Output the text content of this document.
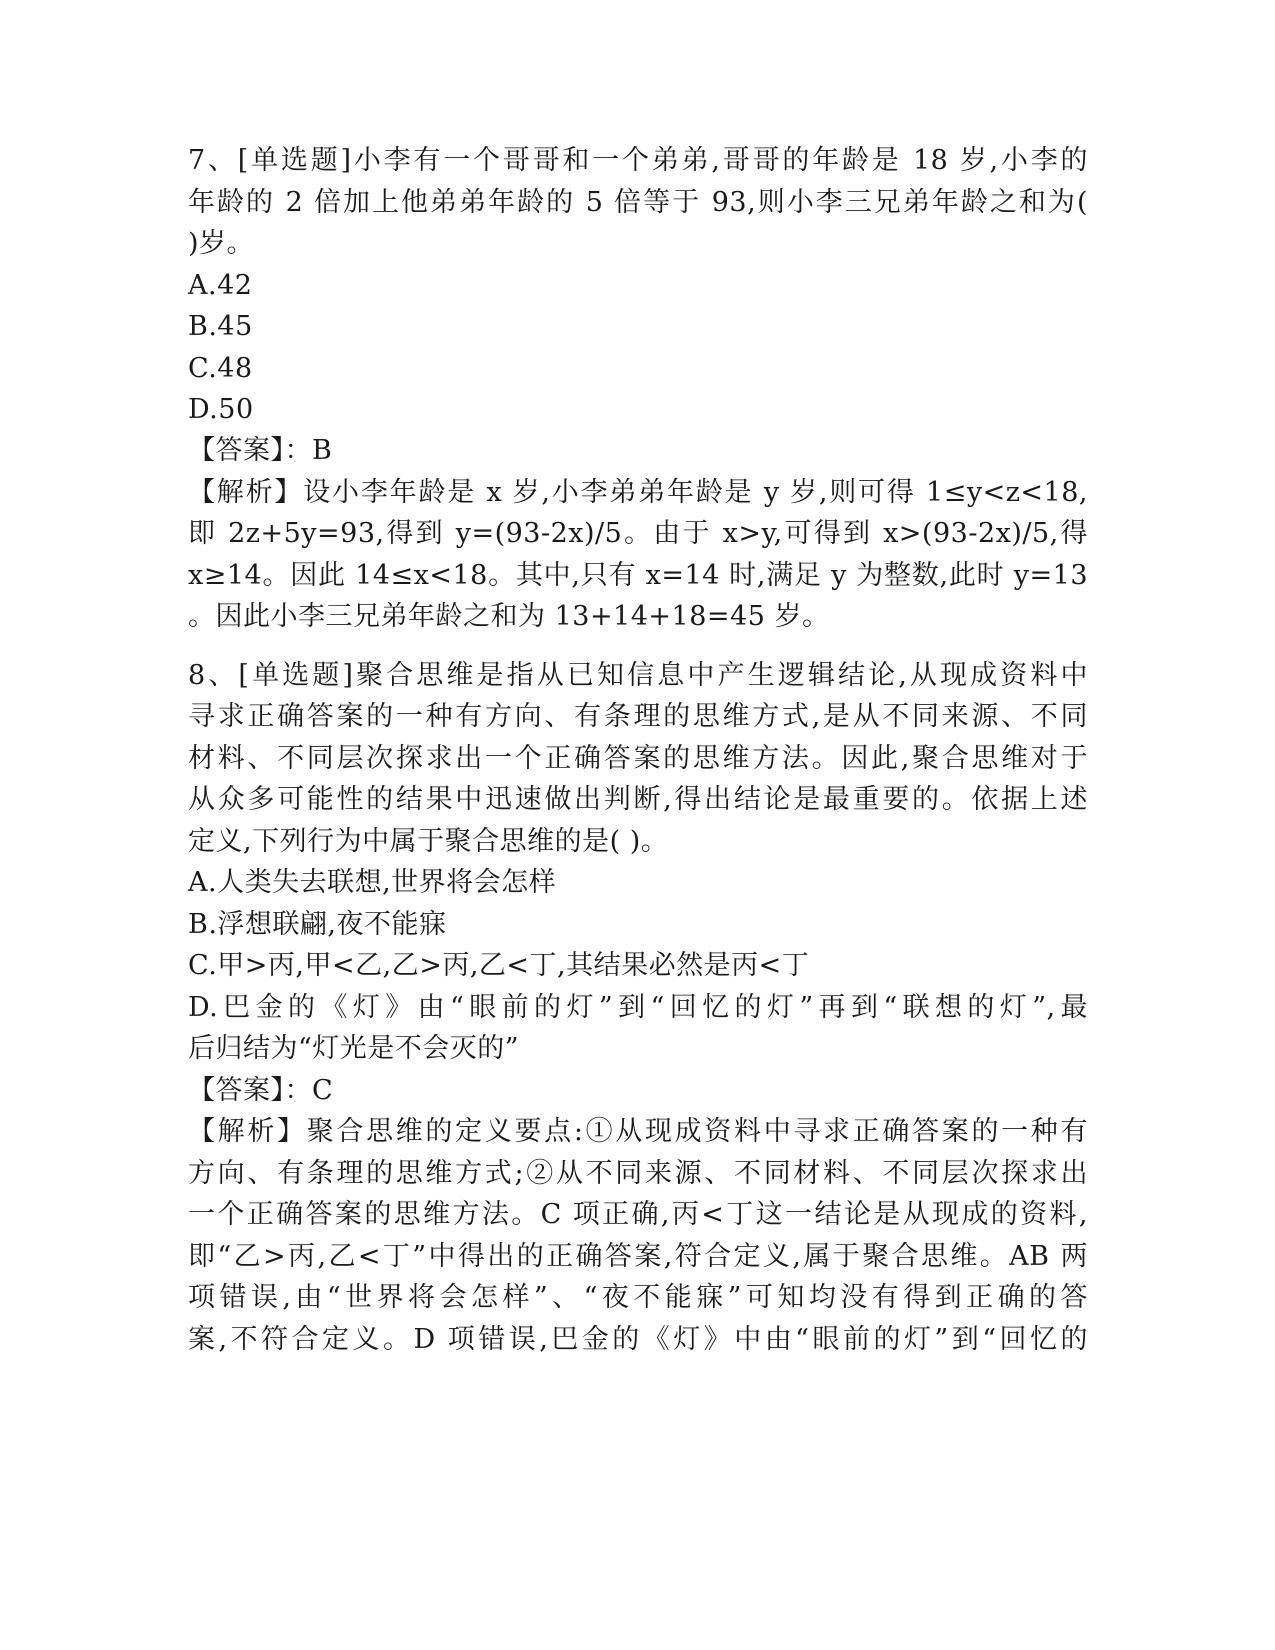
7、[单选题]小李有一个哥哥和一个弟弟,哥哥的年龄是 18 岁,小李的
年龄的 2 倍加上他弟弟年龄的 5 倍等于 93,则小李三兄弟年龄之和为(
)岁。
A.42
B.45
C.48
D.50
【答案】：B
【解析】设小李年龄是 x 岁,小李弟弟年龄是 y 岁,则可得 1≤y<z<18,
即 2z+5y=93,得到 y=(93-2x)/5。由于 x>y,可得到 x>(93-2x)/5,得
x≥14。因此 14≤x<18。其中,只有 x=14 时,满足 y 为整数,此时 y=13
。因此小李三兄弟年龄之和为 13+14+18=45 岁。
8、[单选题]聚合思维是指从已知信息中产生逻辑结论,从现成资料中
寻求正确答案的一种有方向、有条理的思维方式,是从不同来源、不同
材料、不同层次探求出一个正确答案的思维方法。因此,聚合思维对于
从众多可能性的结果中迅速做出判断,得出结论是最重要的。依据上述
定义,下列行为中属于聚合思维的是( )。
A.人类失去联想,世界将会怎样
B.浮想联翩,夜不能寐
C.甲>丙,甲<乙,乙>丙,乙<丁,其结果必然是丙<丁
D.巴金的《灯》由“眼前的灯”到“回忆的灯”再到“联想的灯”,最
后归结为“灯光是不会灭的”
【答案】：C
【解析】聚合思维的定义要点:①从现成资料中寻求正确答案的一种有
方向、有条理的思维方式;②从不同来源、不同材料、不同层次探求出
一个正确答案的思维方法。C 项正确,丙<丁这一结论是从现成的资料,
即“乙>丙,乙<丁”中得出的正确答案,符合定义,属于聚合思维。AB 两
项错误,由“世界将会怎样”、“夜不能寐”可知均没有得到正确的答
案,不符合定义。D 项错误,巴金的《灯》中由“眼前的灯”到“回忆的
